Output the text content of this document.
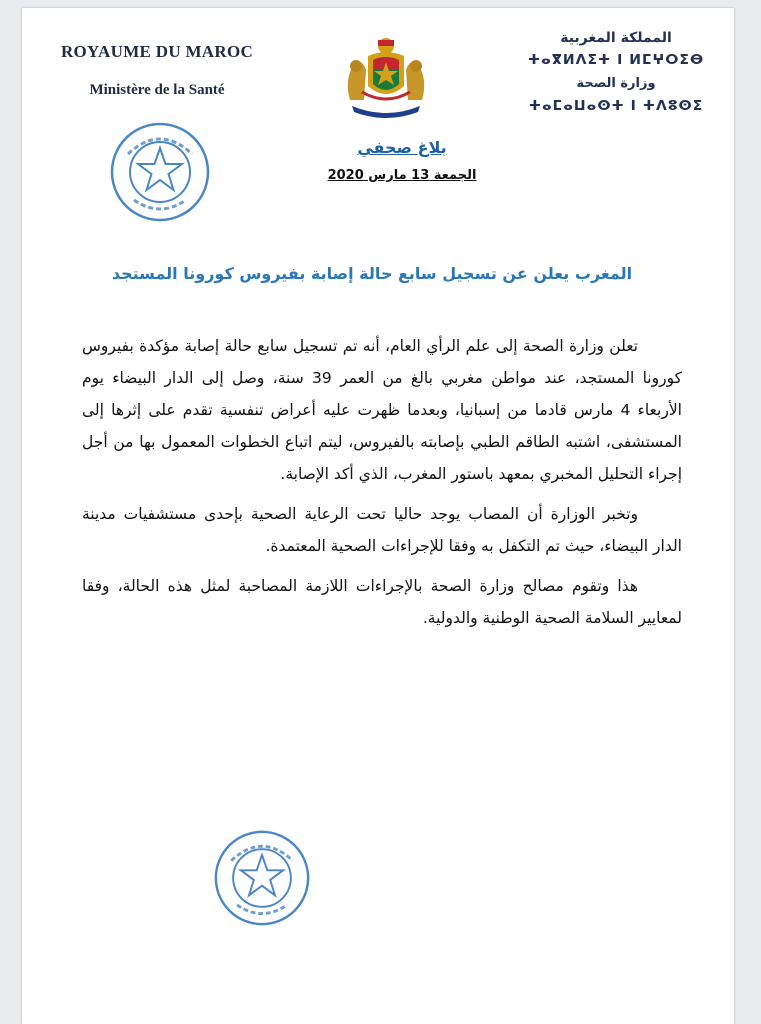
ROYAUME DU MAROC
Ministère de la Santé
المملكة المغربية
ⵜⴰⴳⵍⴷⵉⵜ ⵏ ⵍⵎⵖⵔⵉⴱ
وزارة الصحة
ⵜⴰⵎⴰⵡⴰⵙⵜ ⵏ ⵜⴷⵓⵙⵉ
بلاغ صحفي
الجمعة 13 مارس 2020
المغرب يعلن عن تسجيل سابع حالة إصابة بفيروس كورونا المستجد

تعلن وزارة الصحة إلى علم الرأي العام، أنه تم تسجيل سابع حالة إصابة مؤكدة بفيروس كورونا المستجد، عند مواطن مغربي بالغ من العمر 39 سنة، وصل إلى الدار البيضاء يوم الأربعاء 4 مارس قادما من إسبانيا، وبعدما ظهرت عليه أعراض تنفسية تقدم على إثرها إلى المستشفى، اشتبه الطاقم الطبي بإصابته بالفيروس، ليتم اتباع الخطوات المعمول بها من أجل إجراء التحليل المخبري بمعهد باستور المغرب، الذي أكد الإصابة.

وتخبر الوزارة أن المصاب يوجد حاليا تحت الرعاية الصحية بإحدى مستشفيات مدينة الدار البيضاء، حيث تم التكفل به وفقا للإجراءات الصحية المعتمدة.

هذا وتقوم مصالح وزارة الصحة بالإجراءات اللازمة المصاحبة لمثل هذه الحالة، وفقا لمعايير السلامة الصحية الوطنية والدولية.
